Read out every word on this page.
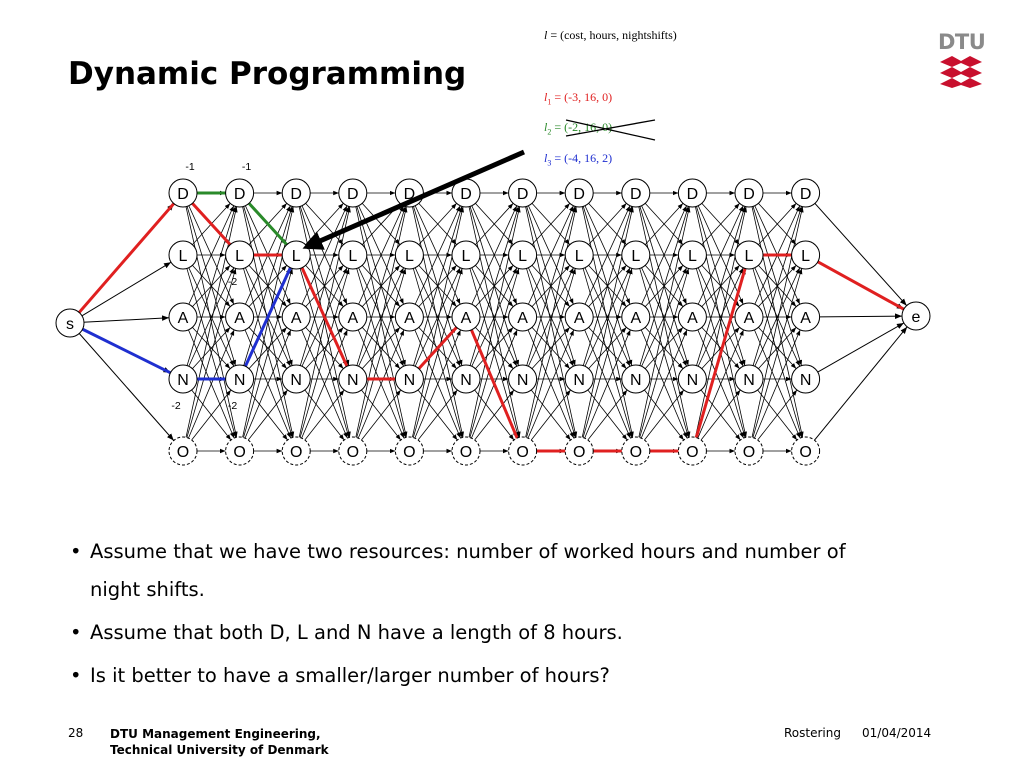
Dynamic Programming
DTU
l = (cost, hours, nightshifts)
$l_1 = (-3$, 16, 0)
$l_2 = (-2$, 16, 0)
$l_3 = (-4$, 16, 2)
D
L
A
N
O
D
L
A
N
O
D
L
A
N
O
D
L
A
N
O
D
L
A
N
O
D
L
A
N
O
D
L
A
N
O
D
L
A
N
O
D
L
A
N
O
D
L
A
N
O
D
L
A
N
O
D
L
A
N
O
s	e
-1	-1
-2
-2	-2
• Assume that we have two resources: number of worked hours and number of night shifts.
• Assume that both D, L and N have a length of 8 hours.
• Is it better to have a smaller/larger number of hours?
28 DTU Management Engineering,
Technical University of Denmark
Rostering 01/04/2014
